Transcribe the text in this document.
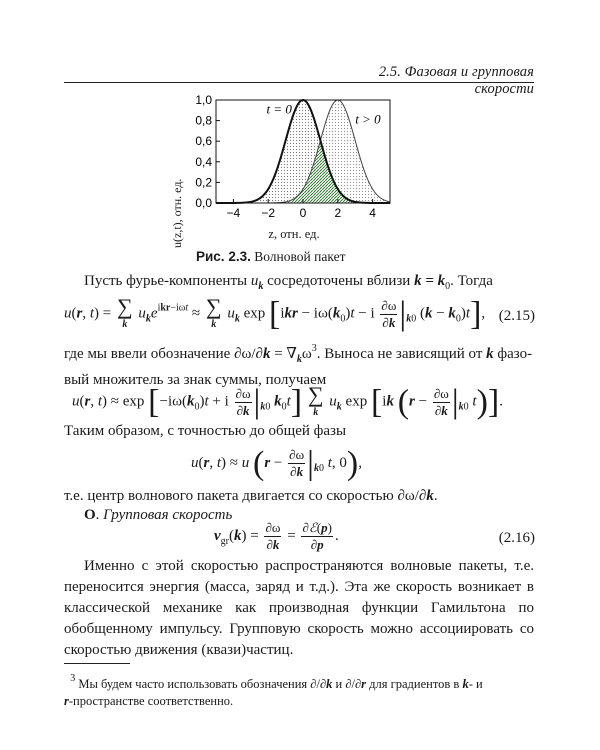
2.5. Фазовая и групповая скорости
1,0
0,8
0,6
0,4
0,2
0,0
−4 −2 0 2 4
t = 0
t > 0
u(z,t), отн. ед.	z, отн. ед.
Рис. 2.3. Волновой пакет
Пусть фурье-компоненты $u_k$ сосредоточены вблизи $k = k_0$. Тогда
u(r, t) = ∑
k
$u_ke^{ikr-i\omega t}$ ≈ ∑
k
$u_k$ $\exp [ikr - i\omega(k_0)t - i \frac{\partial\omega}{\partial k} |_{k0}$ $(k - k_0)t$], (2.15)
где мы ввели обозначение $\partial\omega/\partial k = \nabla_k\omega^3$. Выноса не зависящий от k фазо-
вый множитель за знак суммы, получаем
u(r, $t) \approx \exp [-i\omega(k_0)t + i \frac{\partial\omega}{\partial k} |_{k0}$ $k_0t$] ∑
k
$u_k$ exp [ik ($r - \frac{\partial\omega}{\partial k} |_{k0}$ t)].
Таким образом, с точностью до общей фазы
u(r, t) ≈ u ($r - \frac{\partial\omega}{\partial k} |_{k0}$ t, 0),
т.е. центр волнового пакета двигается со скоростью ∂ω/∂k.
O. Групповая скорость
$v_{gr}(k) = \frac{\partial\omega}{\partial k} = \frac{\text{∂ℰ(p)}}{\partial p}$ .	(2.16)
Именно с этой скоростью распространяются волновые пакеты, т.е. переносится энергия (масса, заряд и т.д.). Эта же скорость возникает в классической механике как производная функции Гамильтона по обобщенному импульсу. Групповую скорость можно ассоциировать со скоростью движения (квази)частиц.
$^3$ Мы будем часто использовать обозначения ∂/∂k и ∂/∂r для градиентов в k- и
r-пространстве соответственно.
